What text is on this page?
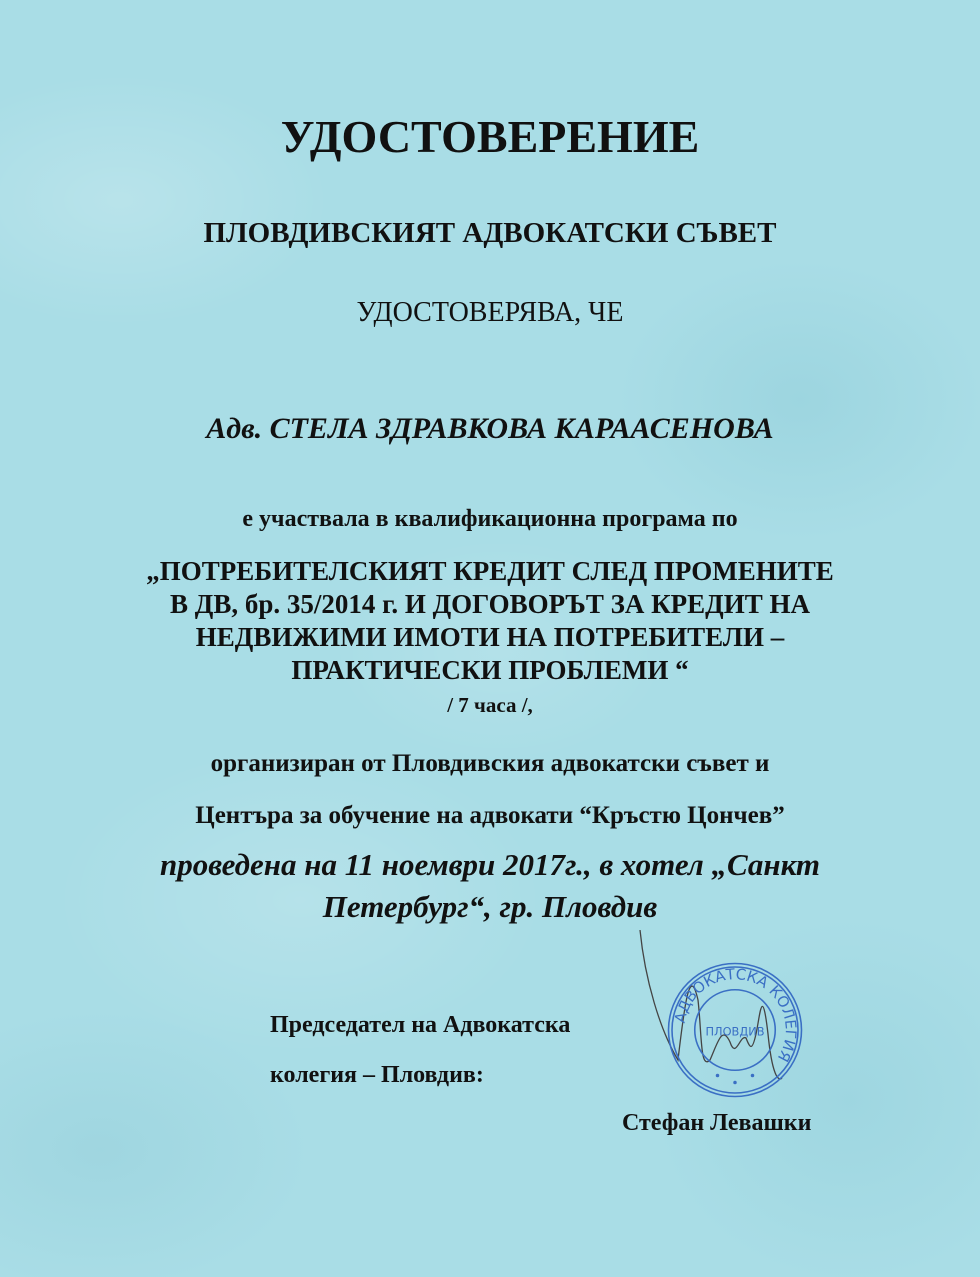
УДОСТОВЕРЕНИЕ
ПЛОВДИВСКИЯТ АДВОКАТСКИ СЪВЕТ
УДОСТОВЕРЯВА, ЧЕ
Адв. СТЕЛА ЗДРАВКОВА КАРААСЕНОВА
е участвала в квалификационна програма по
„ПОТРЕБИТЕЛСКИЯТ КРЕДИТ СЛЕД ПРОМЕНИТЕ
В ДВ, бр. 35/2014 г. И ДОГОВОРЪТ ЗА КРЕДИТ НА
НЕДВИЖИМИ ИМОТИ НА ПОТРЕБИТЕЛИ –
ПРАКТИЧЕСКИ ПРОБЛЕМИ “
/ 7 часа /,
организиран от Пловдивския адвокатски съвет и
Центъра за обучение на адвокати “Кръстю Цончев”
проведена на 11 ноември 2017г., в хотел „Санкт
Петербург“, гр. Пловдив
Председател на Адвокатска
колегия – Пловдив:
АДВОКАТСКА КОЛЕГИЯ
ПЛОВДИВ
Стефан Левашки
